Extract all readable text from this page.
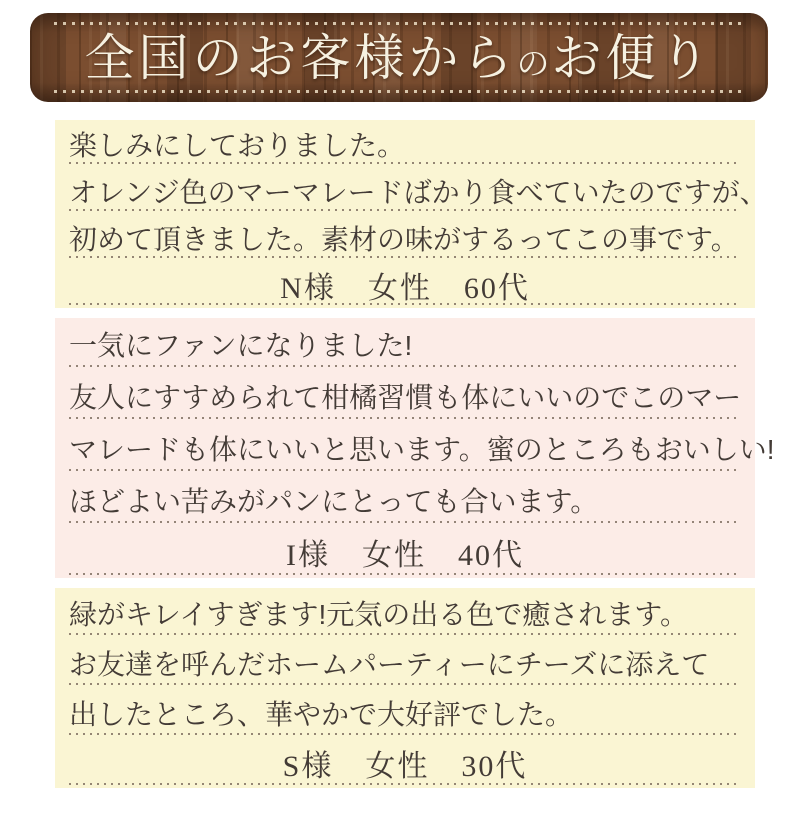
全国のお客様からのお便り
楽しみにしておりました。
オレンジ色のマーマレードばかり食べていたのですが、
初めて頂きました。素材の味がするってこの事です。
N様　女性　60代
一気にファンになりました!
友人にすすめられて柑橘習慣も体にいいのでこのマー
マレードも体にいいと思います。蜜のところもおいしい!
ほどよい苦みがパンにとっても合います。
I様　女性　40代
緑がキレイすぎます!元気の出る色で癒されます。
お友達を呼んだホームパーティーにチーズに添えて
出したところ、華やかで大好評でした。
S様　女性　30代
